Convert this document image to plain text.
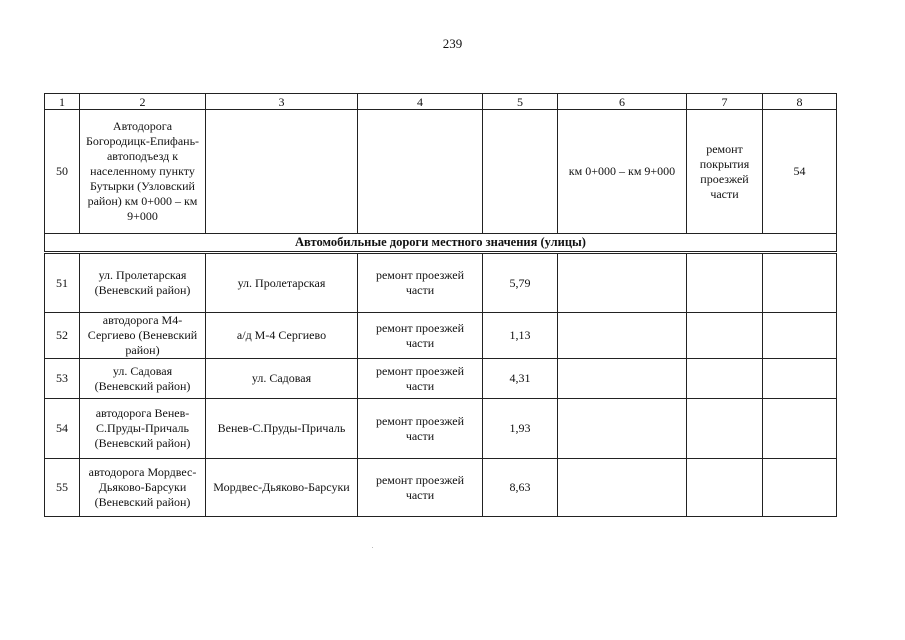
239
1	2	3	4	5	6	7	8
50	Автодорога Богородицк-Епифань-автоподъезд к населенному пункту Бутырки (Узловский район) км 0+000 – км 9+000				км 0+000 – км 9+000	ремонт покрытия проезжей части	54
Автомобильные дороги местного значения (улицы)							
51	ул. Пролетарская (Веневский район)	ул. Пролетарская	ремонт проезжей части	5,79			
52	автодорога М4-Сергиево (Веневский район)	а/д М-4 Сергиево	ремонт проезжей части	1,13			
53	ул. Садовая (Веневский район)	ул. Садовая	ремонт проезжей части	4,31			
54	автодорога Венев-С.Пруды-Причаль (Веневский район)	Венев-С.Пруды-Причаль	ремонт проезжей части	1,93			
55	автодорога Мордвес-Дьяково-Барсуки (Веневский район)	Мордвес-Дьяково-Барсуки	ремонт проезжей части	8,63			
